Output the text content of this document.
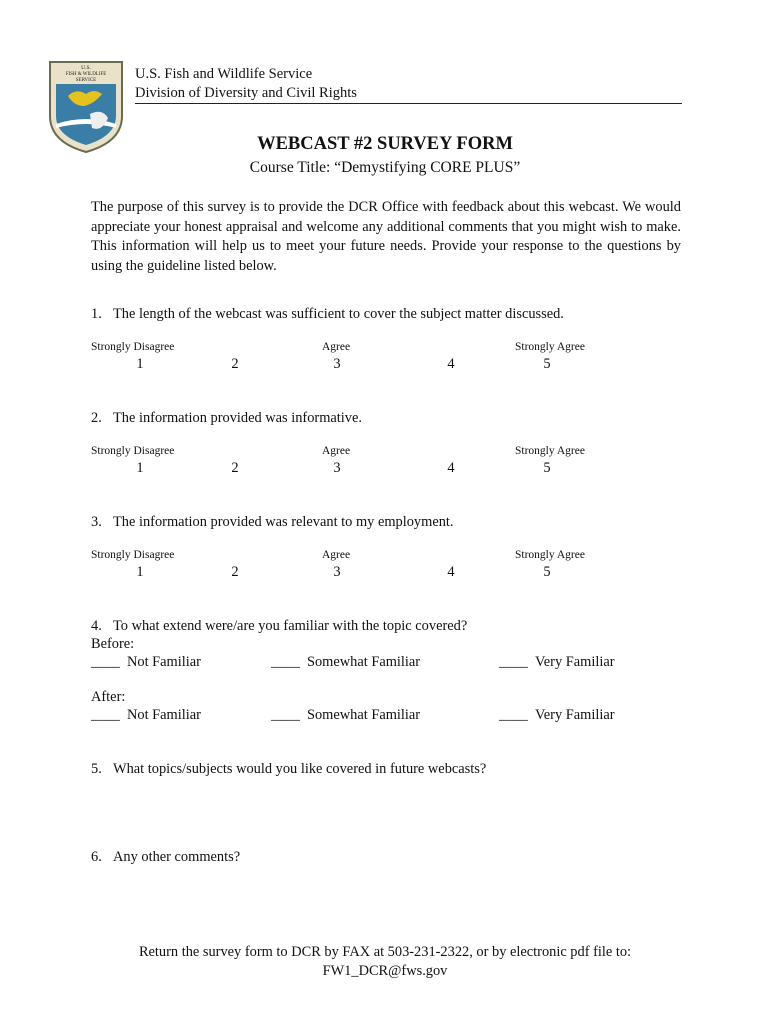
U.S.
FISH & WILDLIFE
SERVICE	U.S. Fish and Wildlife Service
Division of Diversity and Civil Rights
WEBCAST #2 SURVEY FORM
Course Title: “Demystifying CORE PLUS”
The purpose of this survey is to provide the DCR Office with feedback about this webcast. We would appreciate your honest appraisal and welcome any additional comments that you might wish to make. This information will help us to meet your future needs. Provide your response to the questions by using the guideline listed below.
1. The length of the webcast was sufficient to cover the subject matter discussed.
Strongly Disagree	Agree	Strongly Agree
1	2	3	4	5
2. The information provided was informative.
Strongly Disagree	Agree	Strongly Agree
1	2	3	4	5
3. The information provided was relevant to my employment.
Strongly Disagree	Agree	Strongly Agree
1	2	3	4	5
4. To what extend were/are you familiar with the topic covered?
Before:
____ Not Familiar	____ Somewhat Familiar	____ Very Familiar
After:
____ Not Familiar	____ Somewhat Familiar	____ Very Familiar
5. What topics/subjects would you like covered in future webcasts?
6. Any other comments?
Return the survey form to DCR by FAX at 503-231-2322, or by electronic pdf file to:
FW1_DCR@fws.gov
